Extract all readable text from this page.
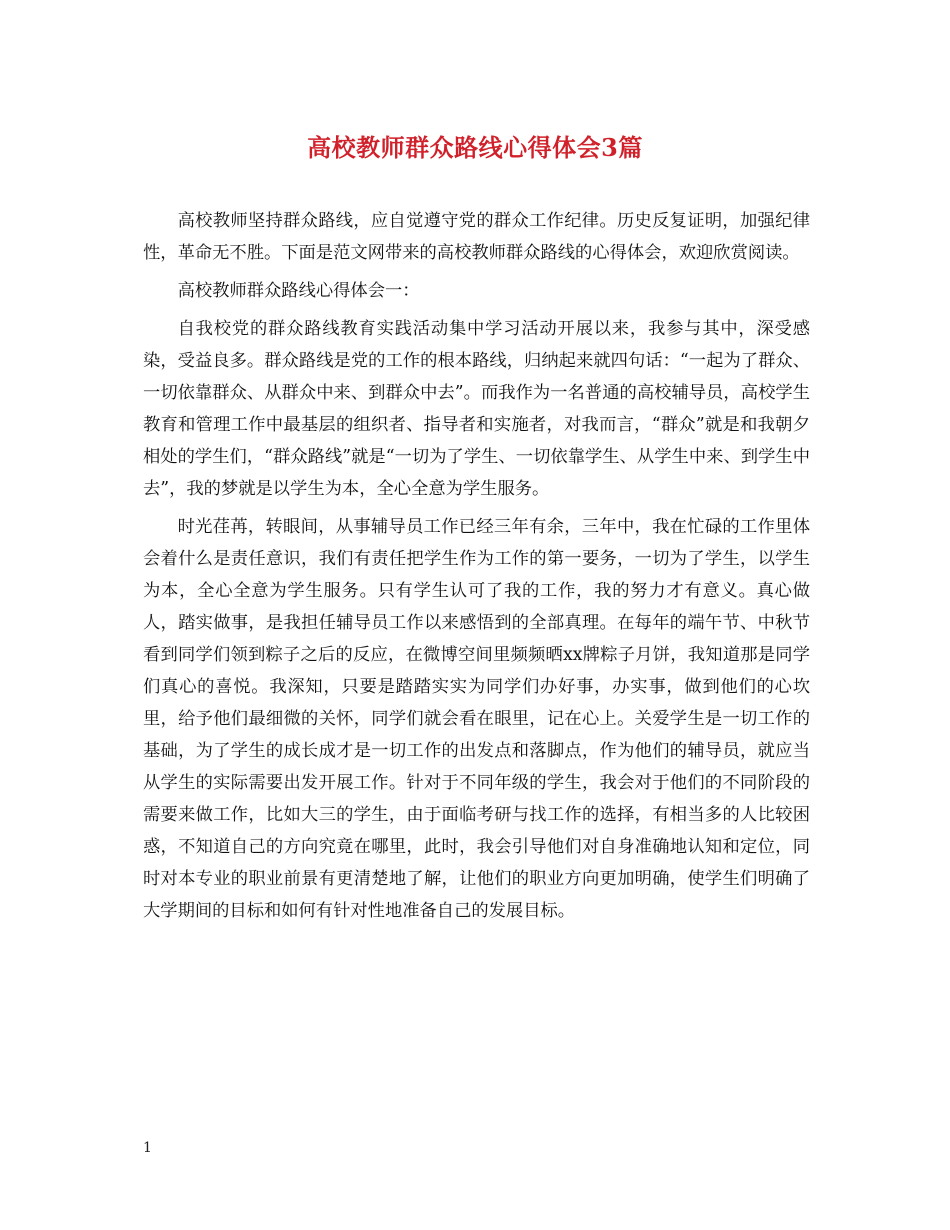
高校教师群众路线心得体会3篇

高校教师坚持群众路线，应自觉遵守党的群众工作纪律。历史反复证明，加强纪律性，革命无不胜。下面是范文网带来的高校教师群众路线的心得体会，欢迎欣赏阅读。

高校教师群众路线心得体会一：

自我校党的群众路线教育实践活动集中学习活动开展以来，我参与其中，深受感染，受益良多。群众路线是党的工作的根本路线，归纳起来就四句话：“一起为了群众、一切依靠群众、从群众中来、到群众中去”。而我作为一名普通的高校辅导员，高校学生教育和管理工作中最基层的组织者、指导者和实施者，对我而言，“群众”就是和我朝夕相处的学生们，“群众路线”就是“一切为了学生、一切依靠学生、从学生中来、到学生中去”，我的梦就是以学生为本，全心全意为学生服务。

时光荏苒，转眼间，从事辅导员工作已经三年有余，三年中，我在忙碌的工作里体会着什么是责任意识，我们有责任把学生作为工作的第一要务，一切为了学生，以学生为本，全心全意为学生服务。只有学生认可了我的工作，我的努力才有意义。真心做人，踏实做事，是我担任辅导员工作以来感悟到的全部真理。在每年的端午节、中秋节看到同学们领到粽子之后的反应，在微博空间里频频晒xx牌粽子月饼，我知道那是同学们真心的喜悦。我深知，只要是踏踏实实为同学们办好事，办实事，做到他们的心坎里，给予他们最细微的关怀，同学们就会看在眼里，记在心上。关爱学生是一切工作的基础，为了学生的成长成才是一切工作的出发点和落脚点，作为他们的辅导员，就应当从学生的实际需要出发开展工作。针对于不同年级的学生，我会对于他们的不同阶段的需要来做工作，比如大三的学生，由于面临考研与找工作的选择，有相当多的人比较困惑，不知道自己的方向究竟在哪里，此时，我会引导他们对自身准确地认知和定位，同时对本专业的职业前景有更清楚地了解，让他们的职业方向更加明确，使学生们明确了大学期间的目标和如何有针对性地准备自己的发展目标。

1
